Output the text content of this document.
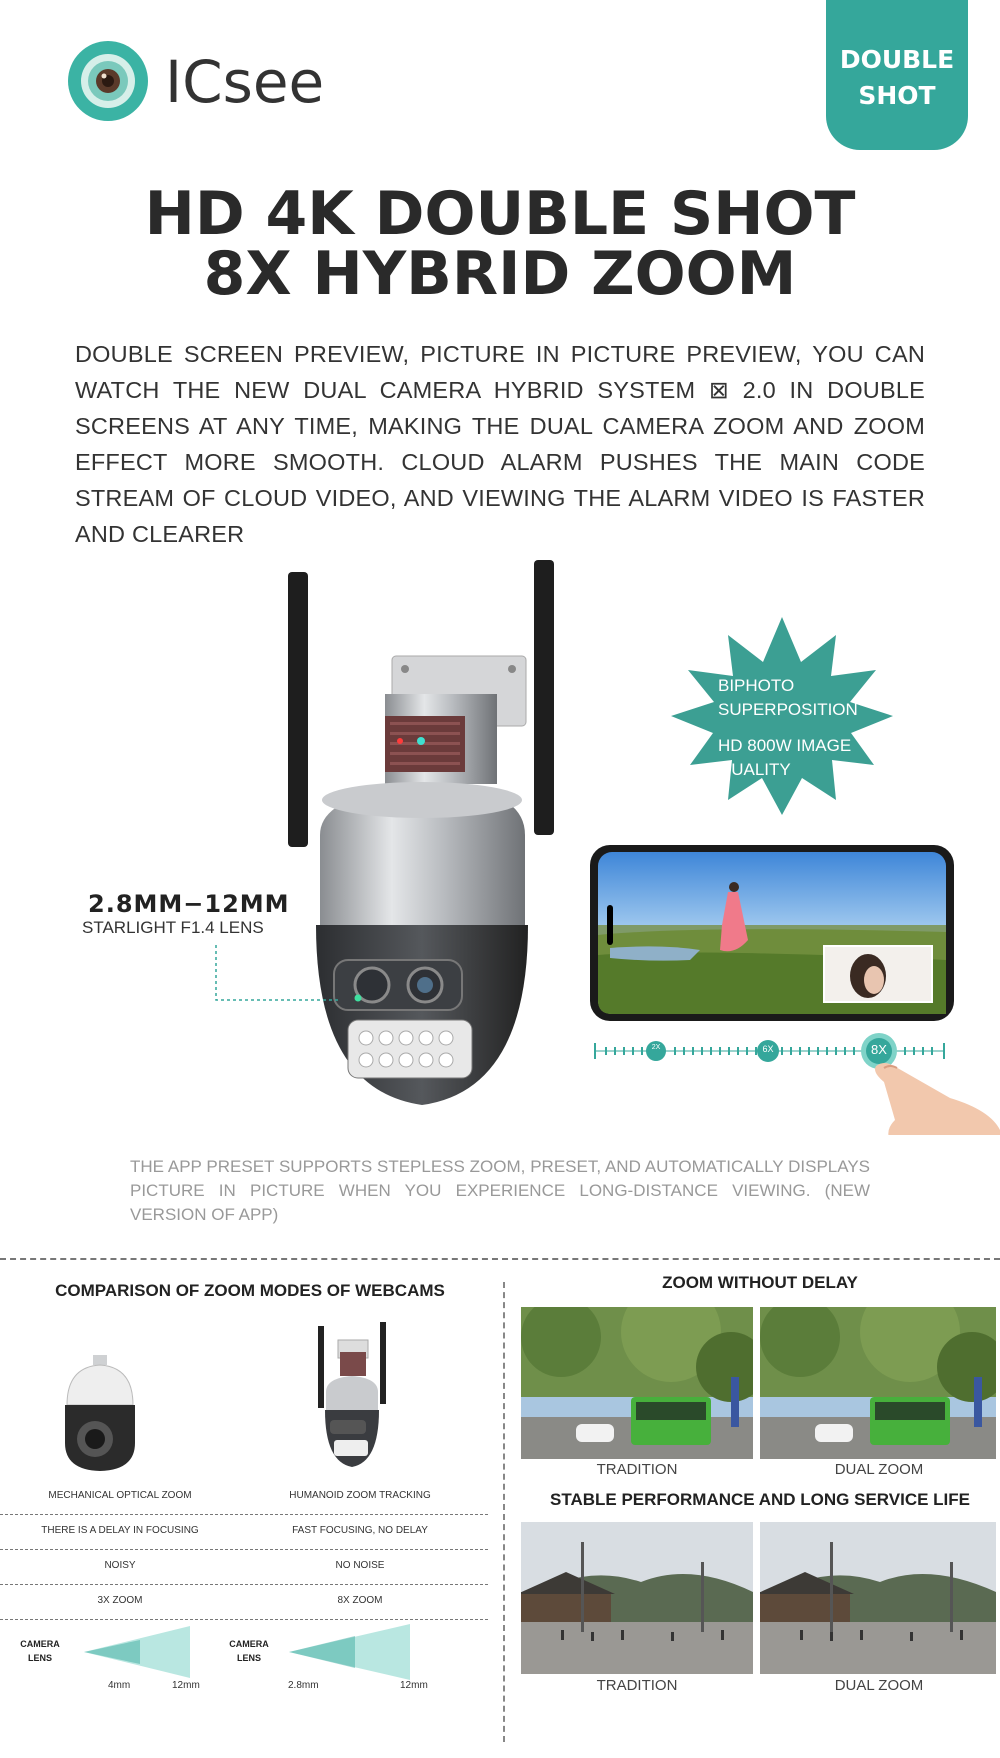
ICsee	DOUBLE
SHOT
HD 4K DOUBLE SHOT
8X HYBRID ZOOM
DOUBLE SCREEN PREVIEW, PICTURE IN PICTURE PREVIEW, YOU CAN WATCH THE NEW DUAL CAMERA HYBRID SYSTEM ⊠ 2.0 IN DOUBLE SCREENS AT ANY TIME, MAKING THE DUAL CAMERA ZOOM AND ZOOM EFFECT MORE SMOOTH. CLOUD ALARM PUSHES THE MAIN CODE STREAM OF CLOUD VIDEO, AND VIEWING THE ALARM VIDEO IS FASTER AND CLEARER
2X	6X	8X
2.8MM−12MM
STARLIGHT F1.4 LENS

BIPHOTO SUPERPOSITION

HD 800W IMAGE QUALITY

THE APP PRESET SUPPORTS STEPLESS ZOOM, PRESET, AND AUTOMATICALLY DISPLAYS PICTURE IN PICTURE WHEN YOU EXPERIENCE LONG-DISTANCE VIEWING. (NEW VERSION OF APP)
COMPARISON OF ZOOM MODES OF WEBCAMS
MECHANICAL OPTICAL ZOOM	HUMANOID ZOOM TRACKING
THERE IS A DELAY IN FOCUSING	FAST FOCUSING, NO DELAY
NOISY	NO NOISE
3X ZOOM	8X ZOOM
CAMERA
LENS
4mm	12mm
CAMERA
LENS
2.8mm	12mm
ZOOM WITHOUT DELAY
TRADITION	DUAL ZOOM
STABLE PERFORMANCE AND LONG SERVICE LIFE
TRADITION	DUAL ZOOM
